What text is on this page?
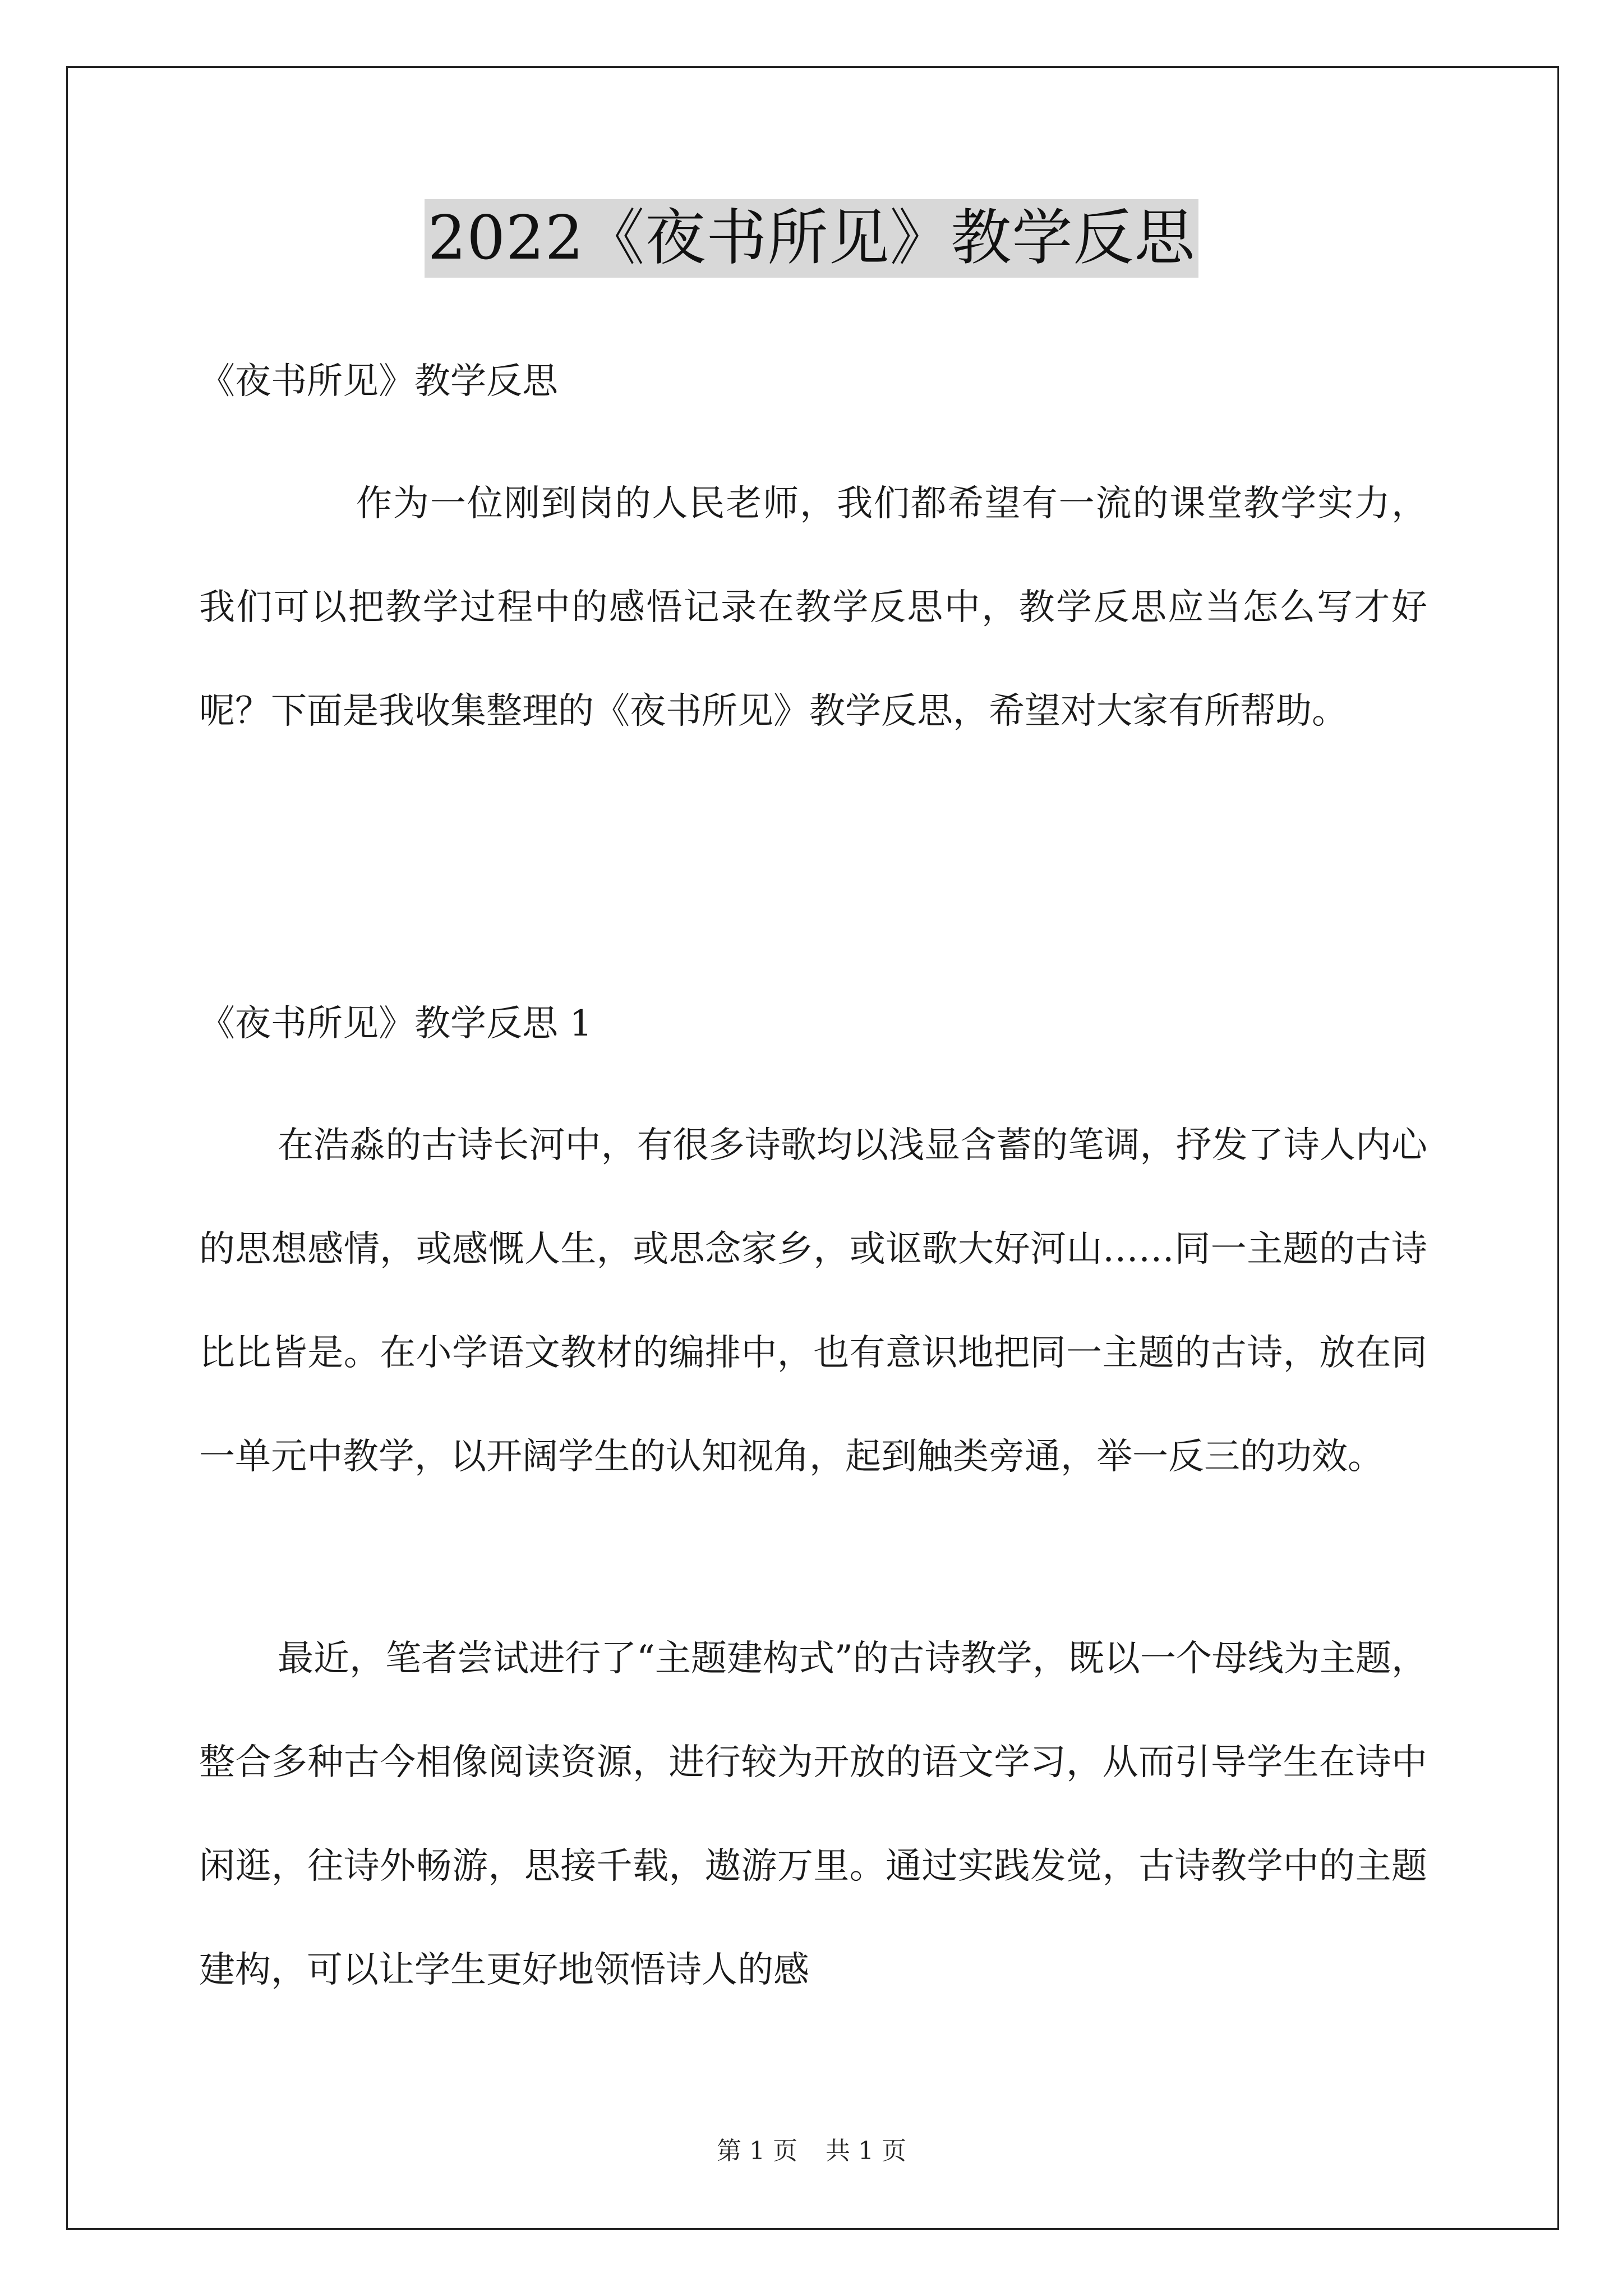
2022《夜书所见》教学反思

《夜书所见》教学反思

作为一位刚到岗的人民老师，我们都希望有一流的课堂教学实力，我们可以把教学过程中的感悟记录在教学反思中，教学反思应当怎么写才好呢？下面是我收集整理的《夜书所见》教学反思，希望对大家有所帮助。

《夜书所见》教学反思 1

在浩淼的古诗长河中，有很多诗歌均以浅显含蓄的笔调，抒发了诗人内心的思想感情，或感慨人生，或思念家乡，或讴歌大好河山……同一主题的古诗比比皆是。在小学语文教材的编排中，也有意识地把同一主题的古诗，放在同一单元中教学，以开阔学生的认知视角，起到触类旁通，举一反三的功效。

最近，笔者尝试进行了“主题建构式”的古诗教学，既以一个母线为主题，整合多种古今相像阅读资源，进行较为开放的语文学习，从而引导学生在诗中闲逛，往诗外畅游，思接千载，遨游万里。通过实践发觉，古诗教学中的主题建构，可以让学生更好地领悟诗人的感

第 1 页 共 1 页
